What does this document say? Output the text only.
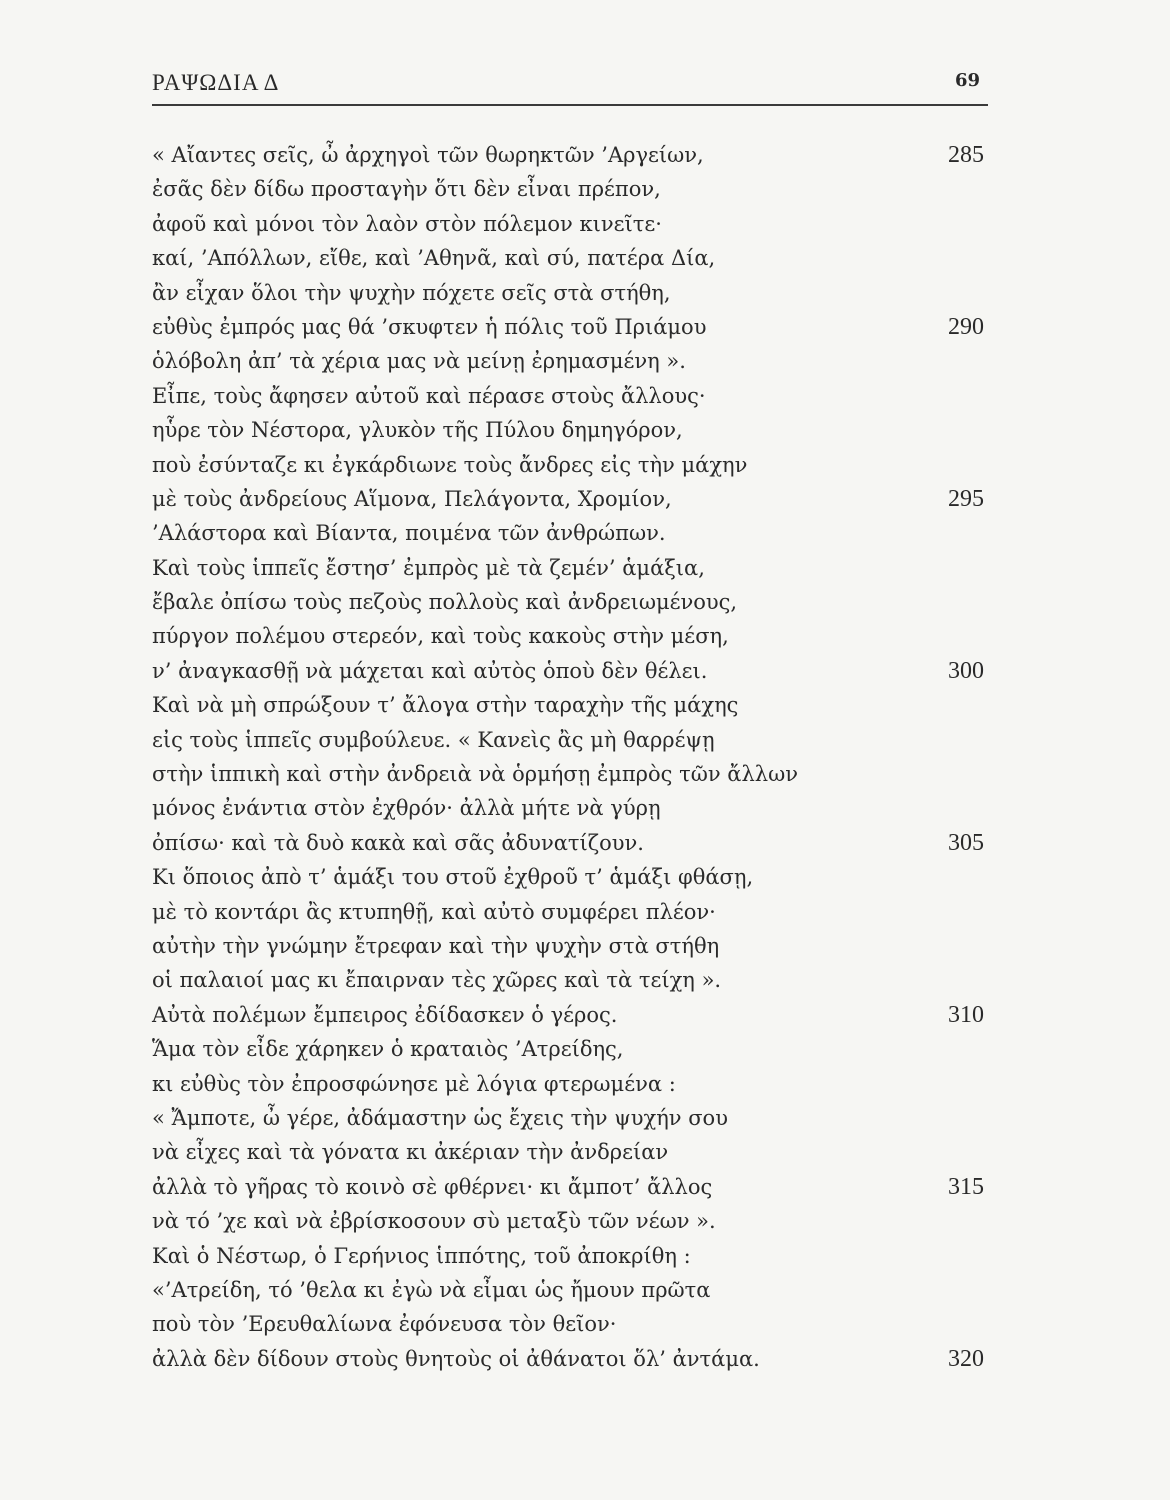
ΡΑΨΩΔΙΑ Δ	69
« Αἴαντες σεῖς, ὦ ἀρχηγοὶ τῶν θωρηκτῶν ’Αργείων,	285
ἐσᾶς δὲν δίδω προσταγὴν ὅτι δὲν εἶναι πρέπον,
ἀφοῦ καὶ μόνοι τὸν λαὸν στὸν πόλεμον κινεῖτε·
καί, ’Απόλλων, εἴθε, καὶ ’Αθηνᾶ, καὶ σύ, πατέρα Δία,
ἂν εἶχαν ὅλοι τὴν ψυχὴν πόχετε σεῖς στὰ στήθη,
εὐθὺς ἐμπρός μας θά ’σκυφτεν ἡ πόλις τοῦ Πριάμου	290
ὁλόβολη ἀπ’ τὰ χέρια μας νὰ μείνῃ ἐρημασμένη ».
Εἶπε, τοὺς ἄφησεν αὐτοῦ καὶ πέρασε στοὺς ἄλλους·
ηὗρε τὸν Νέστορα, γλυκὸν τῆς Πύλου δημηγόρον,
ποὺ ἐσύνταζε κι ἐγκάρδιωνε τοὺς ἄνδρες εἰς τὴν μάχην
μὲ τοὺς ἀνδρείους Αἵμονα, Πελάγοντα, Χρομίον,	295
’Αλάστορα καὶ Βίαντα, ποιμένα τῶν ἀνθρώπων.
Καὶ τοὺς ἱππεῖς ἔστησ’ ἐμπρὸς μὲ τὰ ζεμέν’ ἁμάξια,
ἔβαλε ὀπίσω τοὺς πεζοὺς πολλοὺς καὶ ἀνδρειωμένους,
πύργον πολέμου στερεόν, καὶ τοὺς κακοὺς στὴν μέση,
ν’ ἀναγκασθῇ νὰ μάχεται καὶ αὐτὸς ὁποὺ δὲν θέλει.	300
Καὶ νὰ μὴ σπρώξουν τ’ ἄλογα στὴν ταραχὴν τῆς μάχης
εἰς τοὺς ἱππεῖς συμβούλευε. « Κανεὶς ἂς μὴ θαρρέψῃ
στὴν ἱππικὴ καὶ στὴν ἀνδρειὰ νὰ ὁρμήσῃ ἐμπρὸς τῶν ἄλλων
μόνος ἐνάντια στὸν ἐχθρόν· ἀλλὰ μήτε νὰ γύρῃ
ὀπίσω· καὶ τὰ δυὸ κακὰ καὶ σᾶς ἀδυνατίζουν.	305
Κι ὅποιος ἀπὸ τ’ ἁμάξι του στοῦ ἐχθροῦ τ’ ἁμάξι φθάσῃ,
μὲ τὸ κοντάρι ἂς κτυπηθῇ, καὶ αὐτὸ συμφέρει πλέον·
αὐτὴν τὴν γνώμην ἔτρεφαν καὶ τὴν ψυχὴν στὰ στήθη
οἱ παλαιοί μας κι ἔπαιρναν τὲς χῶρες καὶ τὰ τείχη ».
Αὐτὰ πολέμων ἔμπειρος ἐδίδασκεν ὁ γέρος.	310
Ἅμα τὸν εἶδε χάρηκεν ὁ κραταιὸς ’Ατρείδης,
κι εὐθὺς τὸν ἐπροσφώνησε μὲ λόγια φτερωμένα :
« Ἄμποτε, ὦ γέρε, ἀδάμαστην ὡς ἔχεις τὴν ψυχήν σου
νὰ εἶχες καὶ τὰ γόνατα κι ἀκέριαν τὴν ἀνδρείαν
ἀλλὰ τὸ γῆρας τὸ κοινὸ σὲ φθέρνει· κι ἄμποτ’ ἄλλος	315
νὰ τό ’χε καὶ νὰ ἐβρίσκοσουν σὺ μεταξὺ τῶν νέων ».
Καὶ ὁ Νέστωρ, ὁ Γερήνιος ἱππότης, τοῦ ἀποκρίθη :
«’Ατρείδη, τό ’θελα κι ἐγὼ νὰ εἶμαι ὡς ἤμουν πρῶτα
ποὺ τὸν ’Ερευθαλίωνα ἐφόνευσα τὸν θεῖον·
ἀλλὰ δὲν δίδουν στοὺς θνητοὺς οἱ ἀθάνατοι ὅλ’ ἀντάμα.	320
